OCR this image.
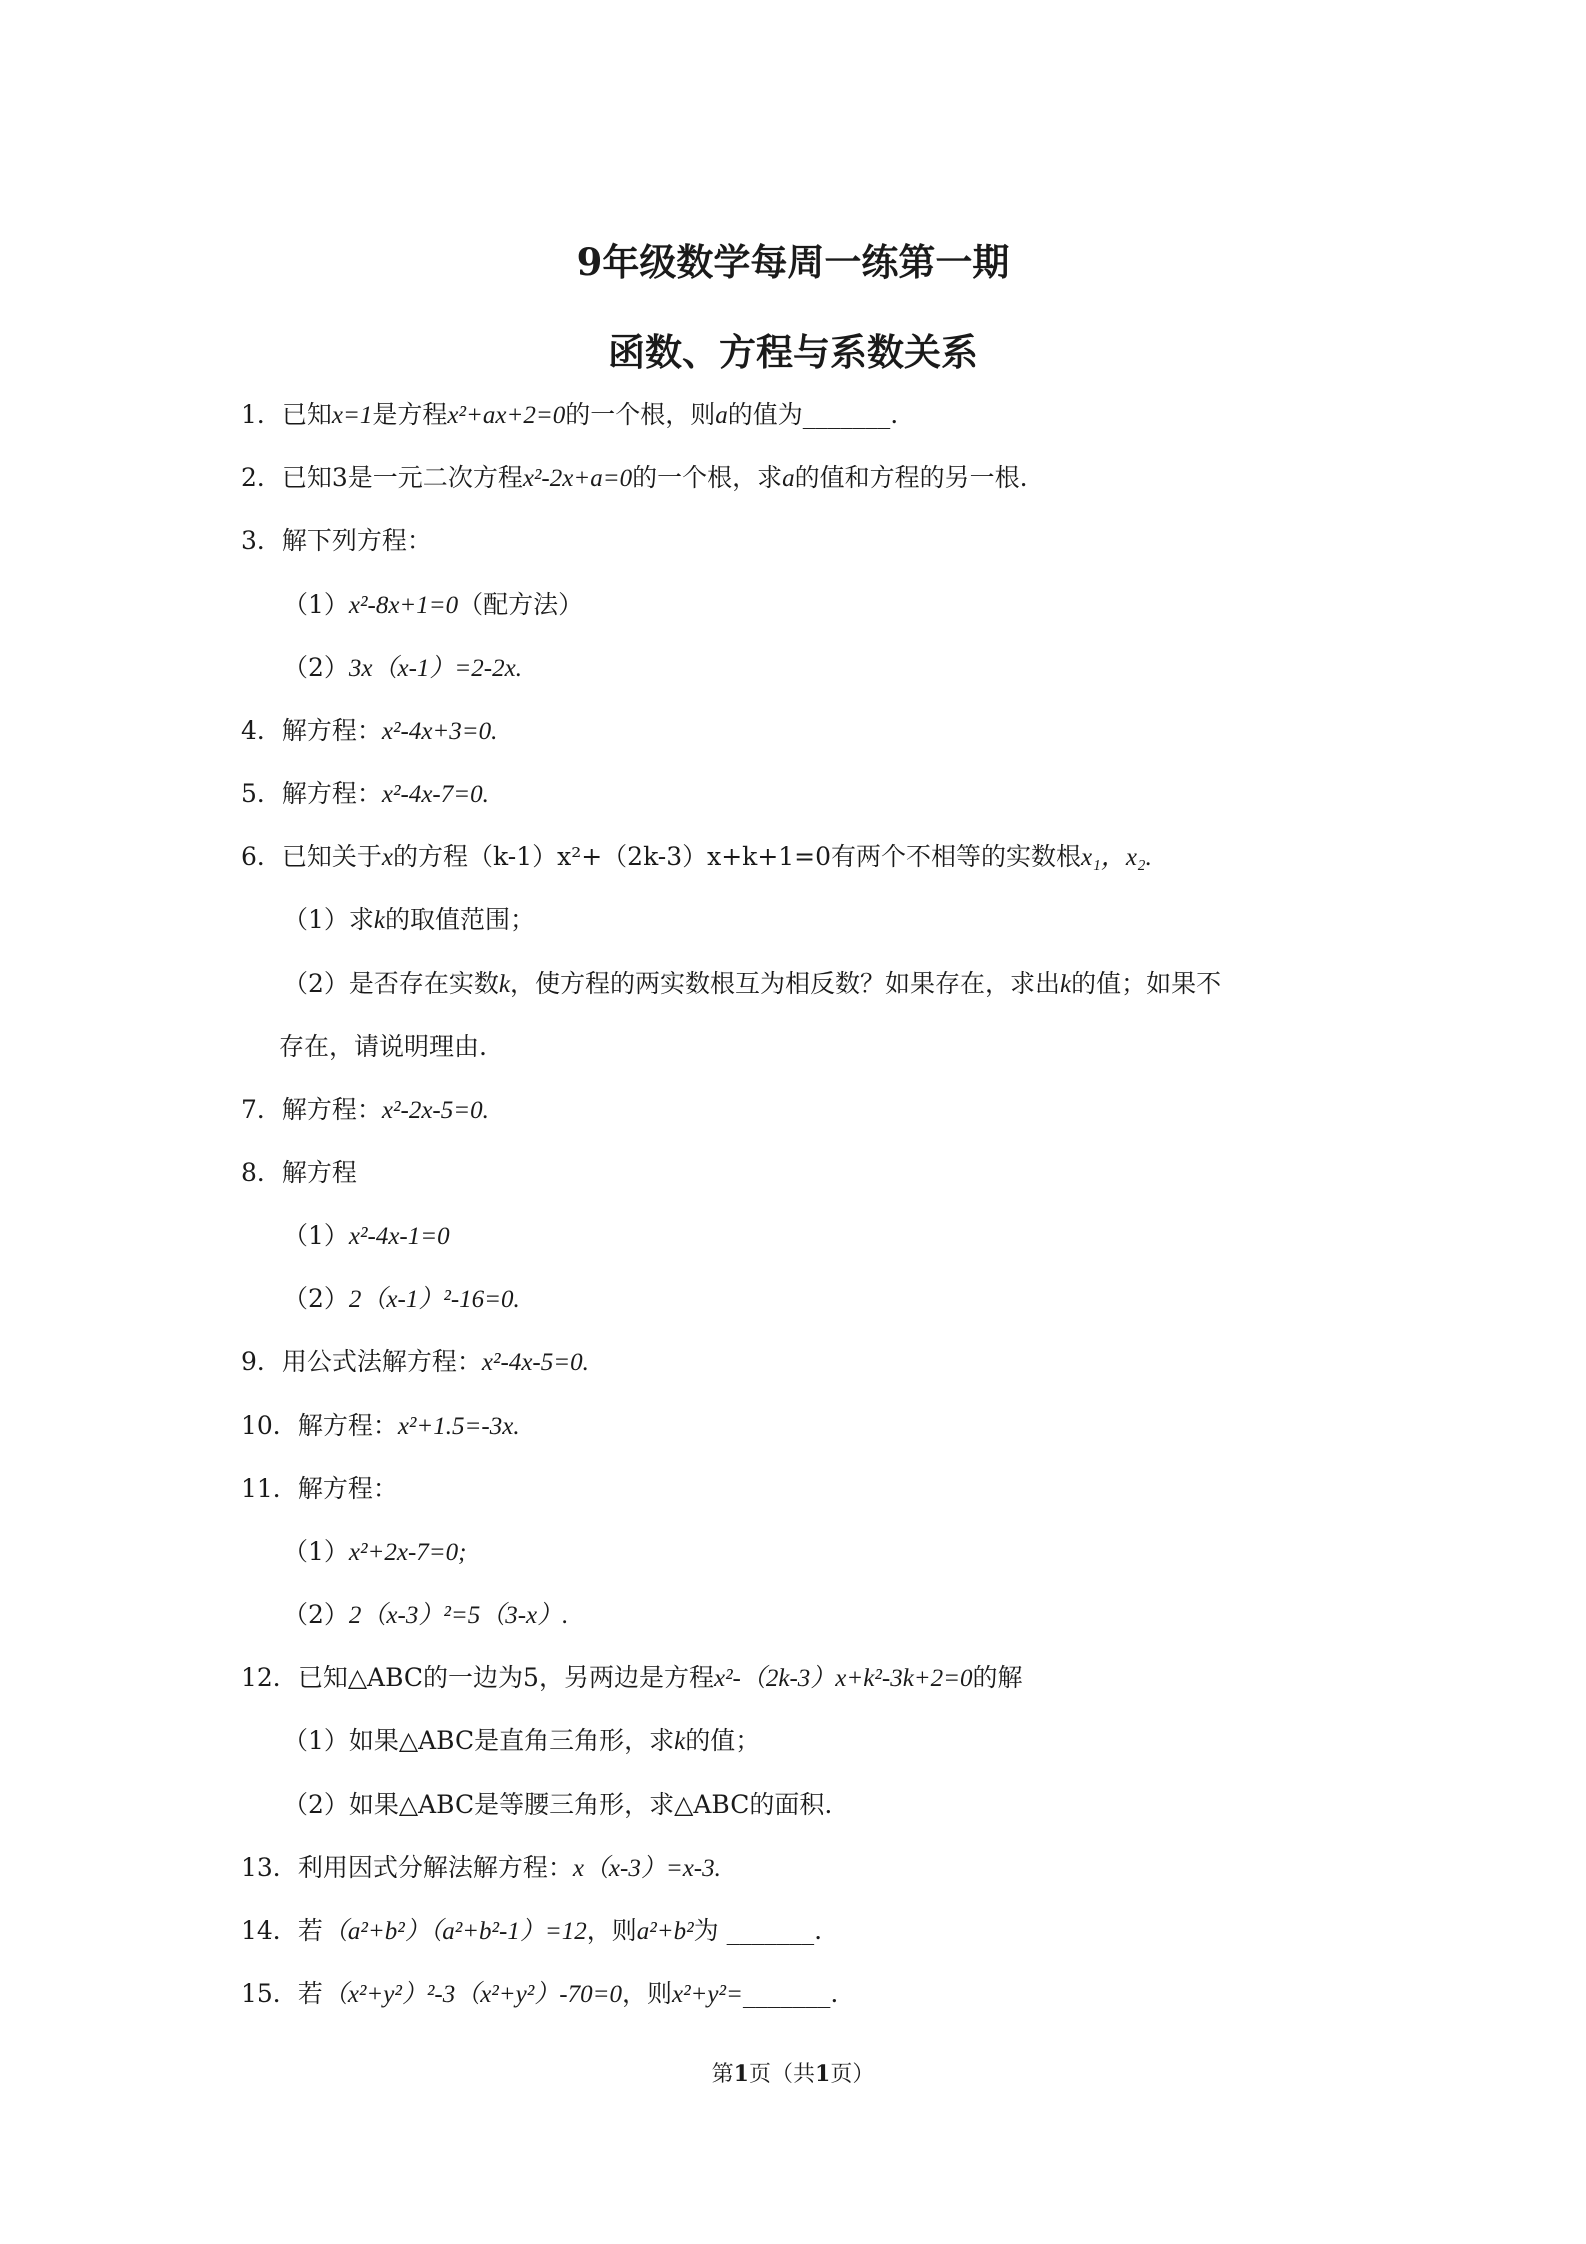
9年级数学每周一练第一期
函数、方程与系数关系
1．已知x=1是方程x²+ax+2=0的一个根，则a的值为_______.
2．已知3是一元二次方程x²-2x+a=0的一个根，求a的值和方程的另一根.
3．解下列方程：
（1）x²-8x+1=0（配方法）
（2）3x（x-1）=2-2x.
4．解方程：x²-4x+3=0.
5．解方程：x²-4x-7=0.
6．已知关于x的方程（k-1）x²+（2k-3）x+k+1=0有两个不相等的实数根x₁，x₂.
（1）求k的取值范围；
（2）是否存在实数k，使方程的两实数根互为相反数？如果存在，求出k的值；如果不
存在，请说明理由.
7．解方程：x²-2x-5=0.
8．解方程
（1）x²-4x-1=0
（2）2（x-1）²-16=0.
9．用公式法解方程：x²-4x-5=0.
10．解方程：x²+1.5=-3x.
11．解方程：
（1）x²+2x-7=0;
（2）2（x-3）²=5（3-x）.
12．已知△ABC的一边为5，另两边是方程x²-（2k-3）x+k²-3k+2=0的解
（1）如果△ABC是直角三角形，求k的值；
（2）如果△ABC是等腰三角形，求△ABC的面积.
13．利用因式分解法解方程：x（x-3）=x-3.
14．若（a²+b²）（a²+b²-1）=12，则a²+b²为 _______.
15．若（x²+y²）²-3（x²+y²）-70=0，则x²+y²=_______.
第1页（共1页）
